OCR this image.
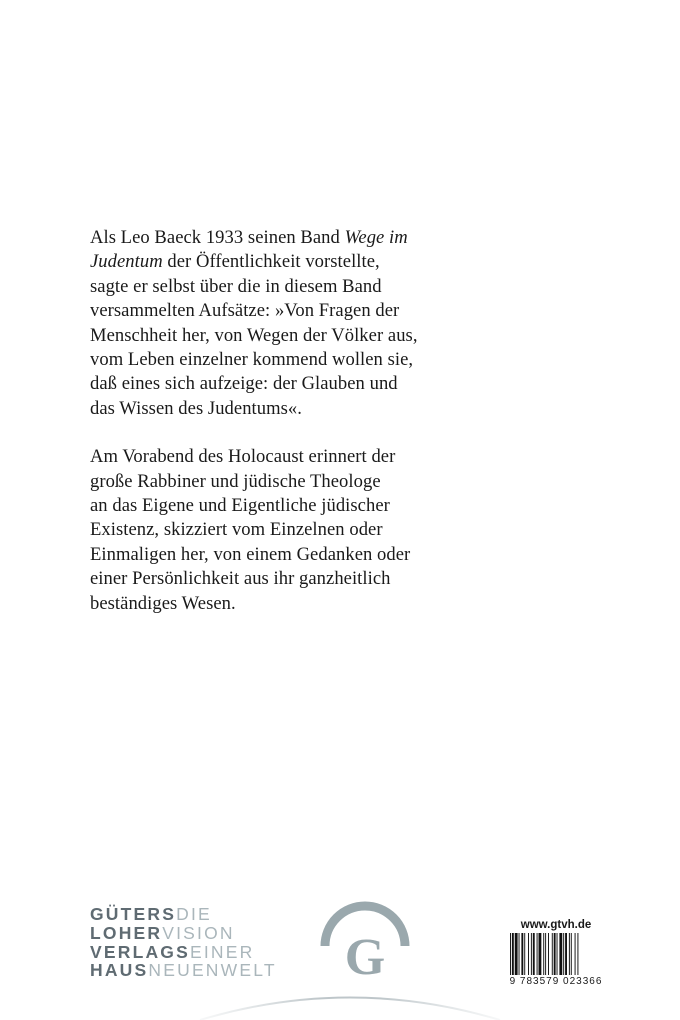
Als Leo Baeck 1933 seinen Band Wege im
Judentum der Öffentlichkeit vorstellte,
sagte er selbst über die in diesem Band
versammelten Aufsätze: »Von Fragen der
Menschheit her, von Wegen der Völker aus,
vom Leben einzelner kommend wollen sie,
daß eines sich aufzeige: der Glauben und
das Wissen des Judentums«.

Am Vorabend des Holocaust erinnert der
große Rabbiner und jüdische Theologe
an das Eigene und Eigentliche jüdischer
Existenz, skizziert vom Einzelnen oder
Einmaligen her, von einem Gedanken oder
einer Persönlichkeit aus ihr ganzheitlich
beständiges Wesen.

GÜTERSDIE
LOHERVISION
VERLAGSEINER
HAUSNEUENWELT G
www.gtvh.de
9 783579 023366
